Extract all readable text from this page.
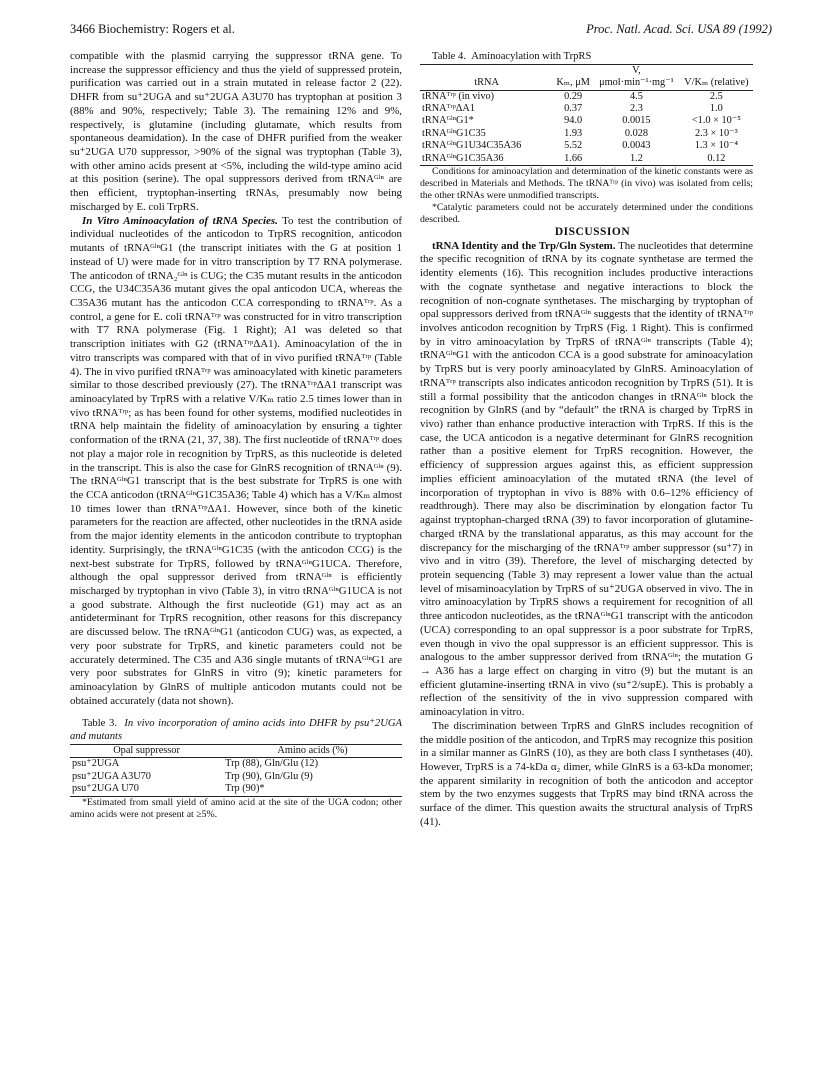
3466 Biochemistry: Rogers et al.	Proc. Natl. Acad. Sci. USA 89 (1992)

compatible with the plasmid carrying the suppressor tRNA gene. To increase the suppressor efficiency and thus the yield of suppressed protein, purification was carried out in a strain mutated in release factor 2 (22). DHFR from su⁺2UGA and su⁺2UGA A3U70 has tryptophan at position 3 (88% and 90%, respectively; Table 3). The remaining 12% and 9%, respectively, is glutamine (including glutamate, which results from spontaneous deamidation). In the case of DHFR purified from the weaker su⁺2UGA U70 suppressor, >90% of the signal was tryptophan (Table 3), with other amino acids present at <5%, including the wild-type amino acid at this position (serine). The opal suppressors derived from tRNAᴳˡⁿ are then efficient, tryptophan-inserting tRNAs, presumably now being mischarged by E. coli TrpRS.

In Vitro Aminoacylation of tRNA Species. To test the contribution of individual nucleotides of the anticodon to TrpRS recognition, anticodon mutants of tRNAᴳˡⁿG1 (the transcript initiates with the G at position 1 instead of U) were made for in vitro transcription by T7 RNA polymerase. The anticodon of tRNA₂ᴳˡⁿ is CUG; the C35 mutant results in the anticodon CCG, the U34C35A36 mutant gives the opal anticodon UCA, whereas the C35A36 mutant has the anticodon CCA corresponding to tRNAᵀʳᵖ. As a control, a gene for E. coli tRNAᵀʳᵖ was constructed for in vitro transcription with T7 RNA polymerase (Fig. 1 Right); A1 was deleted so that transcription initiates with G2 (tRNAᵀʳᵖΔA1). Aminoacylation of the in vitro transcripts was compared with that of in vivo purified tRNAᵀʳᵖ (Table 4). The in vivo purified tRNAᵀʳᵖ was aminoacylated with kinetic parameters similar to those described previously (27). The tRNAᵀʳᵖΔA1 transcript was aminoacylated by TrpRS with a relative V/Kₘ ratio 2.5 times lower than in vivo tRNAᵀʳᵖ; as has been found for other systems, modified nucleotides in tRNA help maintain the fidelity of aminoacylation by ensuring a tighter conformation of the tRNA (21, 37, 38). The first nucleotide of tRNAᵀʳᵖ does not play a major role in recognition by TrpRS, as this nucleotide is deleted in the transcript. This is also the case for GlnRS recognition of tRNAᴳˡⁿ (9). The tRNAᴳˡⁿG1 transcript that is the best substrate for TrpRS is one with the CCA anticodon (tRNAᴳˡⁿG1C35A36; Table 4) which has a V/Kₘ almost 10 times lower than tRNAᵀʳᵖΔA1. However, since both of the kinetic parameters for the reaction are affected, other nucleotides in the tRNA aside from the major identity elements in the anticodon contribute to tryptophan identity. Surprisingly, the tRNAᴳˡⁿG1C35 (with the anticodon CCG) is the next-best substrate for TrpRS, followed by tRNAᴳˡⁿG1UCA. Therefore, although the opal suppressor derived from tRNAᴳˡⁿ is efficiently mischarged by tryptophan in vivo (Table 3), in vitro tRNAᴳˡⁿG1UCA is not a good substrate. Although the first nucleotide (G1) may act as an antideterminant for TrpRS recognition, other reasons for this discrepancy are discussed below. The tRNAᴳˡⁿG1 (anticodon CUG) was, as expected, a very poor substrate for TrpRS, and kinetic parameters could not be accurately determined. The C35 and A36 single mutants of tRNAᴳˡⁿG1 are very poor substrates for GlnRS in vitro (9); kinetic parameters for aminoacylation by GlnRS of multiple anticodon mutants could not be obtained accurately (data not shown).

Table 3. In vivo incorporation of amino acids into DHFR by psu⁺2UGA and mutants

Opal suppressor	Amino acids (%)
psu⁺2UGA	Trp (88), Gln/Glu (12)
psu⁺2UGA A3U70	Trp (90), Gln/Glu (9)
psu⁺2UGA U70	Trp (90)*

*Estimated from small yield of amino acid at the site of the UGA codon; other amino acids were not present at ≥5%.

Table 4. Aminoacylation with TrpRS

tRNA	Kₘ, μM	V, μmol·min⁻¹·mg⁻¹	V/Kₘ (relative)
tRNAᵀʳᵖ (in vivo)	0.29	4.5	2.5
tRNAᵀʳᵖΔA1	0.37	2.3	1.0
tRNAᴳˡⁿG1*	94.0	0.0015	<1.0 × 10⁻⁵
tRNAᴳˡⁿG1C35	1.93	0.028	2.3 × 10⁻³
tRNAᴳˡⁿG1U34C35A36	5.52	0.0043	1.3 × 10⁻⁴
tRNAᴳˡⁿG1C35A36	1.66	1.2	0.12

Conditions for aminoacylation and determination of the kinetic constants were as described in Materials and Methods. The tRNAᵀʳᵖ (in vivo) was isolated from cells; the other tRNAs were unmodified transcripts.

*Catalytic parameters could not be accurately determined under the conditions described.

DISCUSSION

tRNA Identity and the Trp/Gln System. The nucleotides that determine the specific recognition of tRNA by its cognate synthetase are termed the identity elements (16). This recognition includes productive interactions with the cognate synthetase and negative interactions to block the recognition of non-cognate synthetases. The mischarging by tryptophan of opal suppressors derived from tRNAᴳˡⁿ suggests that the identity of tRNAᵀʳᵖ involves anticodon recognition by TrpRS (Fig. 1 Right). This is confirmed by in vitro aminoacylation by TrpRS of tRNAᴳˡⁿ transcripts (Table 4); tRNAᴳˡⁿG1 with the anticodon CCA is a good substrate for aminoacylation by TrpRS but is very poorly aminoacylated by GlnRS. Aminoacylation of tRNAᵀʳᵖ transcripts also indicates anticodon recognition by TrpRS (51). It is still a formal possibility that the anticodon changes in tRNAᴳˡⁿ block the recognition by GlnRS (and by “default” the tRNA is charged by TrpRS in vivo) rather than enhance productive interaction with TrpRS. If this is the case, the UCA anticodon is a negative determinant for GlnRS recognition rather than a positive element for TrpRS recognition. However, the efficiency of suppression argues against this, as efficient suppression implies efficient aminoacylation of the mutated tRNA (the level of incorporation of tryptophan in vivo is 88% with 0.6–12% efficiency of readthrough). There may also be discrimination by elongation factor Tu against tryptophan-charged tRNA (39) to favor incorporation of glutamine-charged tRNA by the translational apparatus, as this may account for the discrepancy for the mischarging of the tRNAᵀʳᵖ amber suppressor (su⁺7) in vivo and in vitro (39). Therefore, the level of mischarging detected by protein sequencing (Table 3) may represent a lower value than the actual level of misaminoacylation by TrpRS of su⁺2UGA observed in vivo. The in vitro aminoacylation by TrpRS shows a requirement for recognition of all three anticodon nucleotides, as the tRNAᴳˡⁿG1 transcript with the anticodon (UCA) corresponding to an opal suppressor is a poor substrate for TrpRS, even though in vivo the opal suppressor is an efficient suppressor. This is analogous to the amber suppressor derived from tRNAᴳˡⁿ; the mutation G → A36 has a large effect on charging in vitro (9) but the mutant is an efficient glutamine-inserting tRNA in vivo (su⁺2/supE). This is probably a reflection of the sensitivity of the in vivo suppression compared with aminoacylation in vitro.

The discrimination between TrpRS and GlnRS includes recognition of the middle position of the anticodon, and TrpRS may recognize this position in a similar manner as GlnRS (10), as they are both class I synthetases (40). However, TrpRS is a 74-kDa α₂ dimer, while GlnRS is a 63-kDa monomer; the apparent similarity in recognition of both the anticodon and acceptor stem by the two enzymes suggests that TrpRS may bind tRNA across the surface of the dimer. This question awaits the structural analysis of TrpRS (41).
